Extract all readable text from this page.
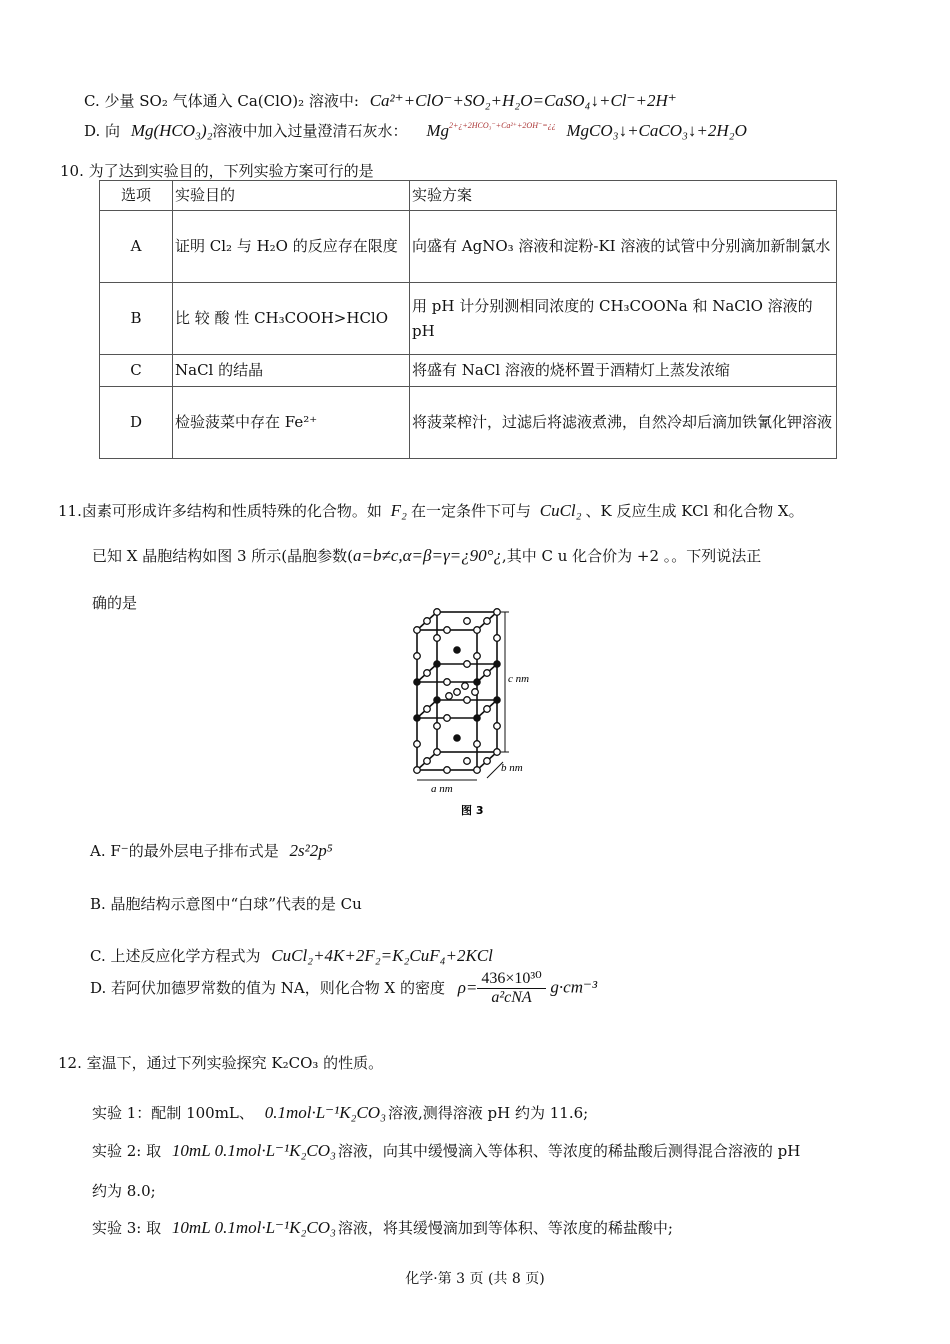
C. 少量 SO₂ 气体通入 Ca(ClO)₂ 溶液中: Ca²⁺+ClO⁻+SO₂+H₂O=CaSO₄↓+Cl⁻+2H⁺
D. 向 Mg(HCO₃)₂溶液中加入过量澄清石灰水： $Mg^{2+¿+2HCO_3^-+Ca^{2+}+2OH^-=¿¿}$ MgCO₃↓+CaCO₃↓+2H₂O
10. 为了达到实验目的，下列实验方案可行的是
选项	实验目的	实验方案
A	证明 Cl₂ 与 H₂O 的反应存在限度	向盛有 AgNO₃ 溶液和淀粉-KI 溶液的试管中分别滴加新制氯水
B	比 较 酸 性 CH₃COOH>HClO	用 pH 计分别测相同浓度的 CH₃COONa 和 NaClO 溶液的 pH
C	NaCl 的结晶	将盛有 NaCl 溶液的烧杯置于酒精灯上蒸发浓缩
D	检验菠菜中存在 Fe²⁺	将菠菜榨汁，过滤后将滤液煮沸，自然冷却后滴加铁氰化钾溶液
11.卤素可形成许多结构和性质特殊的化合物。如 F₂ 在一定条件下可与 CuCl₂ 、K 反应生成 KCl 和化合物 X。
已知 X 晶胞结构如图 3 所示(晶胞参数(a=b≠c,α=β=γ=¿90°¿,其中 C u 化合价为 +2 。。下列说法正
确的是
c nm
b nm
a nm
图 3
A. F⁻的最外层电子排布式是 2s²2p⁵
B. 晶胞结构示意图中“白球”代表的是 Cu
C. 上述反应化学方程式为 CuCl₂+4K+2F₂=K₂CuF₄+2KCl
D. 若阿伏加德罗常数的值为 NA，则化合物 X 的密度 $\rho= \frac{\text{436×10³⁰}}{\text{a²cNA}} g\cdot cm^{-3}$
12. 室温下，通过下列实验探究 K₂CO₃ 的性质。
实验 1：配制 100mL、 0.1mol·L⁻¹K₂CO₃ 溶液,测得溶液 pH 约为 11.6;
实验 2: 取 10mL 0.1mol·L⁻¹K₂CO₃ 溶液，向其中缓慢滴入等体积、等浓度的稀盐酸后测得混合溶液的 pH
约为 8.0;
实验 3: 取 10mL 0.1mol·L⁻¹K₂CO₃ 溶液，将其缓慢滴加到等体积、等浓度的稀盐酸中;
化学·第 3 页 (共 8 页)
